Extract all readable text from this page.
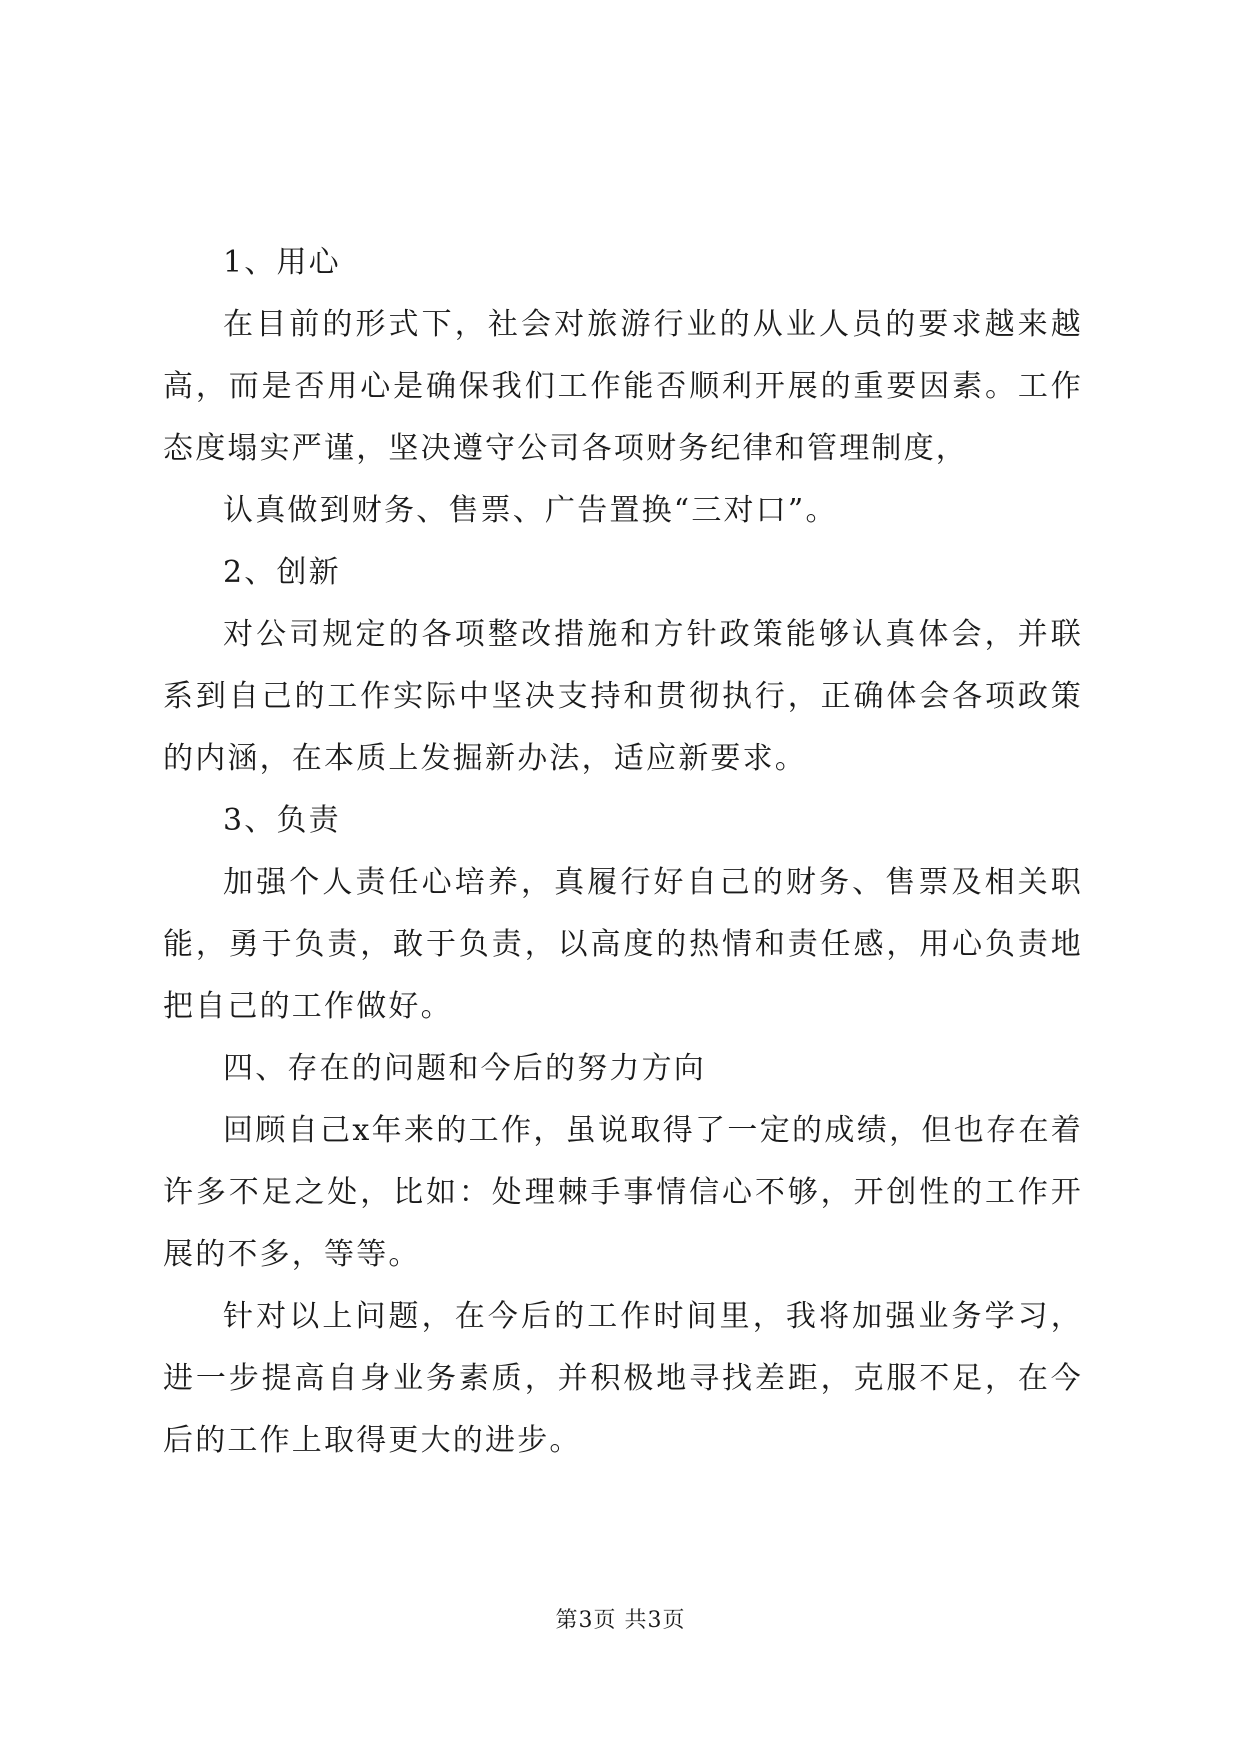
1、用心

在目前的形式下，社会对旅游行业的从业人员的要求越来越高，而是否用心是确保我们工作能否顺利开展的重要因素。工作态度塌实严谨，坚决遵守公司各项财务纪律和管理制度，

认真做到财务、售票、广告置换“三对口”。

2、创新

对公司规定的各项整改措施和方针政策能够认真体会，并联系到自己的工作实际中坚决支持和贯彻执行，正确体会各项政策的内涵，在本质上发掘新办法，适应新要求。

3、负责

加强个人责任心培养，真履行好自己的财务、售票及相关职能，勇于负责，敢于负责，以高度的热情和责任感，用心负责地把自己的工作做好。

四、存在的问题和今后的努力方向

回顾自己x年来的工作，虽说取得了一定的成绩，但也存在着许多不足之处，比如：处理棘手事情信心不够，开创性的工作开展的不多，等等。

针对以上问题，在今后的工作时间里，我将加强业务学习，进一步提高自身业务素质，并积极地寻找差距，克服不足，在今后的工作上取得更大的进步。

第3页 共3页
